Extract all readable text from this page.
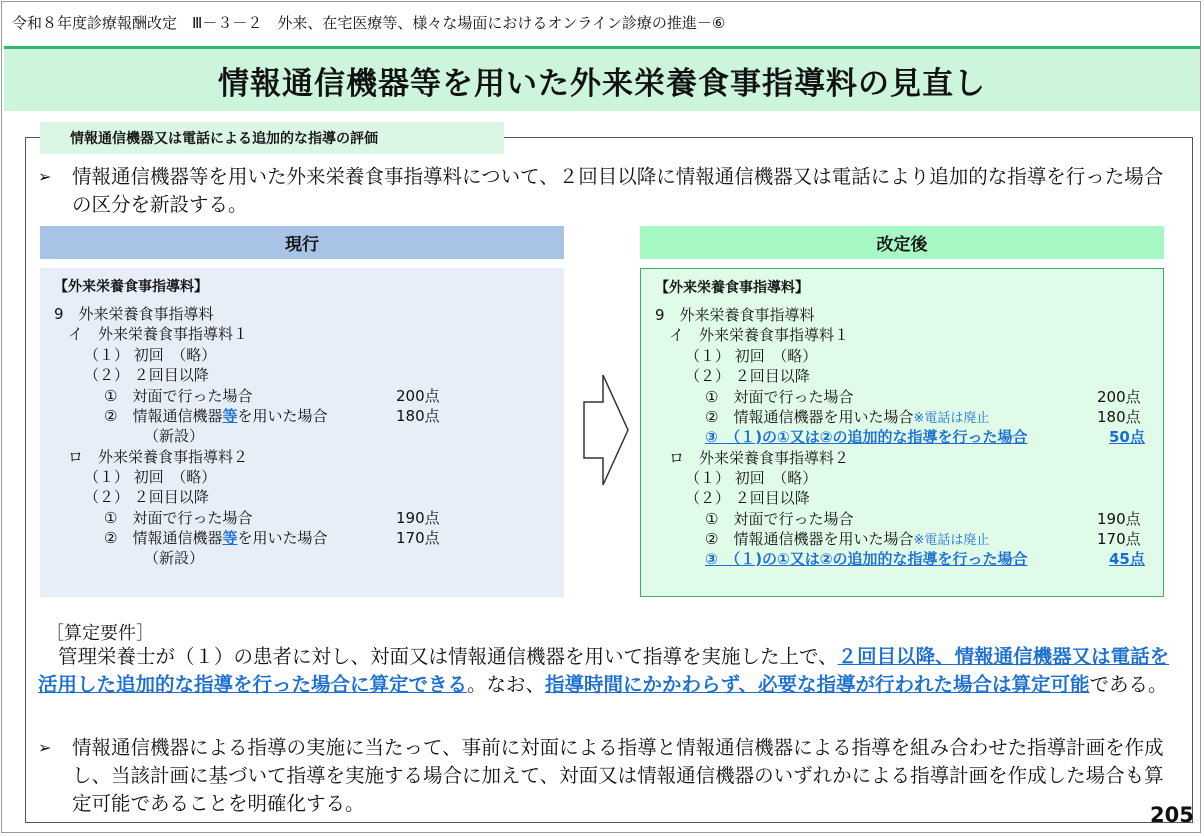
令和８年度診療報酬改定　Ⅲ－３－２　外来、在宅医療等、様々な場面におけるオンライン診療の推進－⑥
情報通信機器等を用いた外来栄養食事指導料の見直し
情報通信機器又は電話による追加的な指導の評価
➢ 情報通信機器等を用いた外来栄養食事指導料について、２回目以降に情報通信機器又は電話により追加的な指導を行った場合の区分を新設する。
現行
【外来栄養食事指導料】
9　外来栄養食事指導料
イ　外来栄養食事指導料１
（１） 初回　（略）
（２） ２回目以降
①　対面で行った場合	200点
②　情報通信機器等を用いた場合	180点
（新設）
ロ　外来栄養食事指導料２
（１） 初回　（略）
（２） ２回目以降
①　対面で行った場合	190点
②　情報通信機器等を用いた場合	170点
（新設）
改定後
【外来栄養食事指導料】
9　外来栄養食事指導料
イ　外来栄養食事指導料１
（１） 初回　（略）
（２） ２回目以降
①　対面で行った場合	200点
②　情報通信機器を用いた場合※電話は廃止	180点
③　（１)の①又は②の追加的な指導を行った場合	50点
ロ　外来栄養食事指導料２
（１） 初回　（略）
（２） ２回目以降
①　対面で行った場合	190点
②　情報通信機器を用いた場合※電話は廃止	170点
③　（１)の①又は②の追加的な指導を行った場合	45点
［算定要件］
管理栄養士が（１）の患者に対し、対面又は情報通信機器を用いて指導を実施した上で、２回目以降、情報通信機器又は電話を活用した追加的な指導を行った場合に算定できる。なお、指導時間にかかわらず、必要な指導が行われた場合は算定可能である。
➢ 情報通信機器による指導の実施に当たって、事前に対面による指導と情報通信機器による指導を組み合わせた指導計画を作成し、当該計画に基づいて指導を実施する場合に加えて、対面又は情報通信機器のいずれかによる指導計画を作成した場合も算定可能であることを明確化する。	205
